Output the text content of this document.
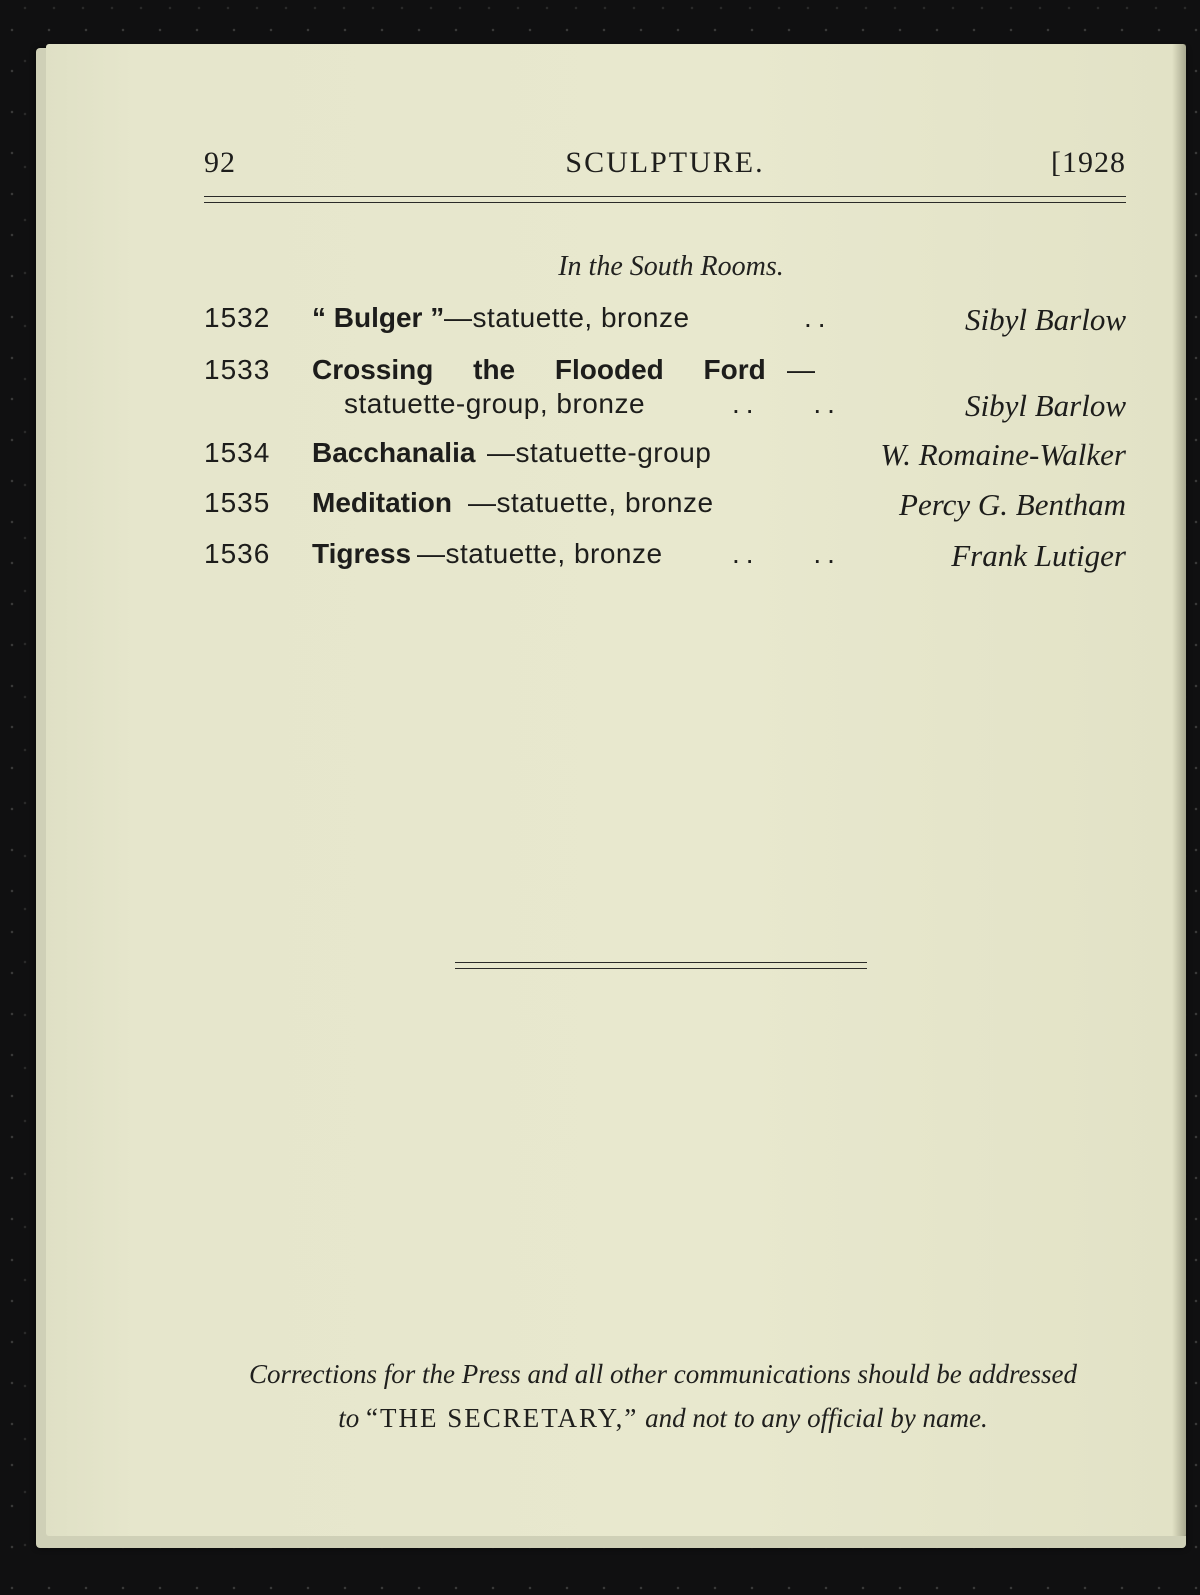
92	SCULPTURE.	[1928
In the South Rooms.
1532 “ Bulger ” —statuette, bronze	..	Sibyl Barlow
1533 Crossing the Flooded Ford —
statuette-group, bronze	.. ..	Sibyl Barlow
1534 Bacchanalia —statuette-group	W. Romaine-Walker
1535 Meditation —statuette, bronze	Percy G. Bentham
1536 Tigress —statuette, bronze .. ..	Frank Lutiger
Corrections for the Press and all other communications should be addressed
to “THE SECRETARY,” and not to any official by name.
